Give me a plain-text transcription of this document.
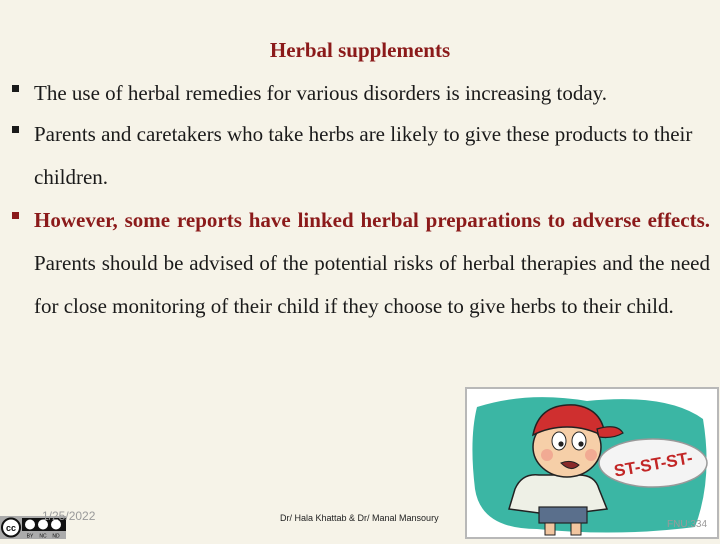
Herbal supplements
The use of herbal remedies for various disorders is increasing today.
Parents and caretakers who take herbs are likely to give these products to their children.
However, some reports have linked herbal preparations to adverse effects. Parents should be advised of the potential risks of herbal therapies and the need for close monitoring of their child if they choose to give herbs to their child.
ST-ST-ST-
cc
BY NC ND
1/25/2022	Dr/ Hala Khattab & Dr/ Manal Mansoury
FNU:334
